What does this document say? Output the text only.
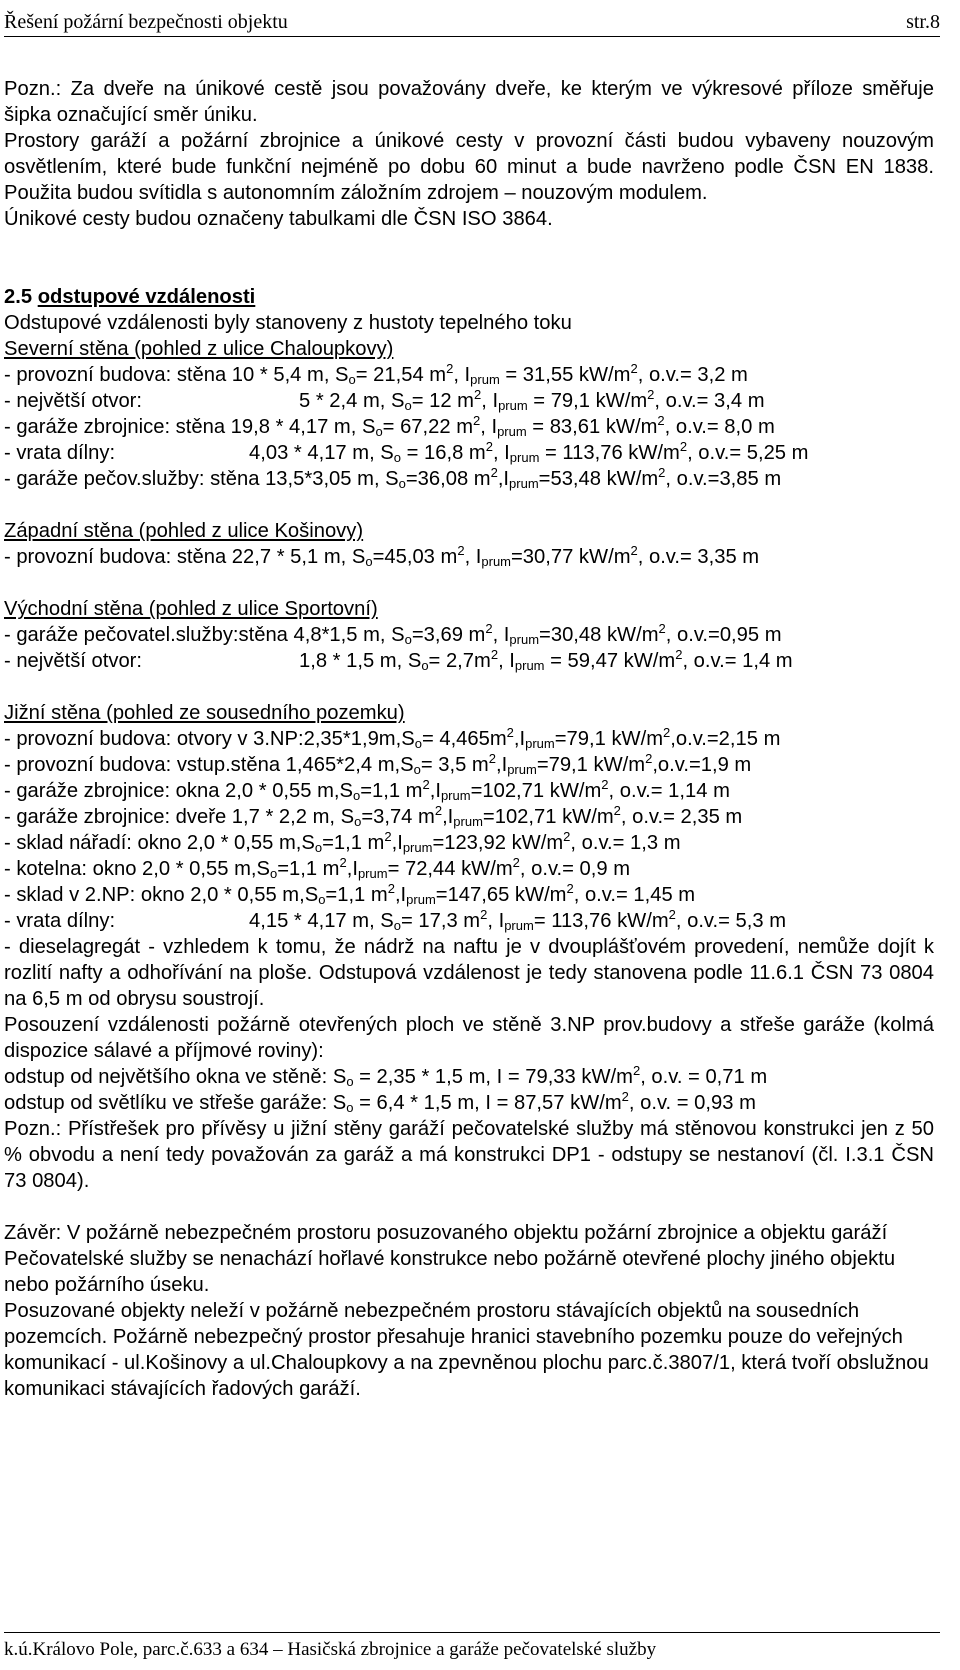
Řešení požární bezpečnosti objektu	str.8

Pozn.: Za dveře na únikové cestě jsou považovány dveře, ke kterým ve výkresové příloze směřuje šipka označující směr úniku.

Prostory garáží a požární zbrojnice a únikové cesty v provozní části budou vybaveny nouzovým osvětlením, které bude funkční nejméně po dobu 60 minut a bude navrženo podle ČSN EN 1838. Použita budou svítidla s autonomním záložním zdrojem – nouzovým modulem.

Únikové cesty budou označeny tabulkami dle ČSN ISO 3864.

2.5 odstupové vzdálenosti

Odstupové vzdálenosti byly stanoveny z hustoty tepelného toku

Severní stěna (pohled z ulice Chaloupkovy)

- provozní budova: stěna 10 * 5,4 m, $S_o= 21,54$ $m^2$, $I_{prum} = 31,55$ $kW/m^2$, o.v.= 3,2 m

- největší otvor:	5 * 2,4 m, $S_o= 12$ $m^2$, $I_{prum} = 79,1$ $kW/m^2$, o.v.= 3,4 m

- garáže zbrojnice: stěna 19,8 * 4,17 m, $S_o= 67,22$ $m^2$, $I_{prum} = 83,61$ $kW/m^2$, o.v.= 8,0 m

- vrata dílny:	4,03 * 4,17 m, $S_o = 16,8$ $m^2$, $I_{prum} = 113,76$ $kW/m^2$, o.v.= 5,25 m

- garáže pečov.služby: stěna 13,5*3,05 m, $S_o=36,08$ $m^2,I_{prum}=53,48$ $kW/m^2$, o.v.=3,85 m

Západní stěna (pohled z ulice Košinovy)

- provozní budova: stěna 22,7 * 5,1 m, $S_o=45,03$ $m^2$, $I_{prum}=30,77$ $kW/m^2$, o.v.= 3,35 m

Východní stěna (pohled z ulice Sportovní)

- garáže pečovatel.služby:stěna 4,8*1,5 m, $S_o=3,69$ $m^2$, $I_{prum}=30,48$ $kW/m^2$, o.v.=0,95 m

- největší otvor:	1,8 * 1,5 m, $S_o= 2,7m^2$, $I_{prum} = 59,47$ $kW/m^2$, o.v.= 1,4 m

Jižní stěna (pohled ze sousedního pozemku)

- provozní budova: otvory v $3.NP:2,35*1,9m,S_o= 4,465m^2,I_{prum}=79,1$ $kW/m^2,o.v.=2,15$ m

- provozní budova: vstup.stěna 1,465*2,4 $m,S_o= 3,5$ $m^2,I_{prum}=79,1$ $kW/m^2,o.v.=1,9$ m

- garáže zbrojnice: okna 2,0 * 0,55 $m,S_o=1,1$ $m^2,I_{prum}=102,71$ $kW/m^2$, o.v.= 1,14 m

- garáže zbrojnice: dveře 1,7 * 2,2 m, $S_o=3,74$ $m^2,I_{prum}=102,71$ $kW/m^2$, o.v.= 2,35 m

- sklad nářadí: okno 2,0 * 0,55 $m,S_o=1,1$ $m^2,I_{prum}=123,92$ $kW/m^2$, o.v.= 1,3 m

- kotelna: okno 2,0 * 0,55 $m,S_o=1,1$ $m^2,I_{prum}= 72,44$ $kW/m^2$, o.v.= 0,9 m

- sklad v 2.NP: okno 2,0 * 0,55 $m,S_o=1,1$ $m^2,I_{prum}=147,65$ $kW/m^2$, o.v.= 1,45 m

- vrata dílny:	4,15 * 4,17 m, $S_o= 17,3$ $m^2$, $I_{prum}= 113,76$ $kW/m^2$, o.v.= 5,3 m

- dieselagregát - vzhledem k tomu, že nádrž na naftu je v dvouplášťovém provedení, nemůže dojít k rozlití nafty a odhořívání na ploše. Odstupová vzdálenost je tedy stanovena podle 11.6.1 ČSN 73 0804 na 6,5 m od obrysu soustrojí.

Posouzení vzdálenosti požárně otevřených ploch ve stěně 3.NP prov.budovy a střeše garáže (kolmá dispozice sálavé a příjmové roviny):

odstup od největšího okna ve stěně: $S_o = 2,35 * 1,5$ m, I = 79,33 $kW/m^2$, o.v. = 0,71 m

odstup od světlíku ve střeše garáže: $S_o = 6,4 * 1,5$ m, I = 87,57 $kW/m^2$, o.v. = 0,93 m

Pozn.: Přístřešek pro přívěsy u jižní stěny garáží pečovatelské služby má stěnovou konstrukci jen z 50 % obvodu a není tedy považován za garáž a má konstrukci DP1 - odstupy se nestanoví (čl. I.3.1 ČSN 73 0804).

Závěr: V požárně nebezpečném prostoru posuzovaného objektu požární zbrojnice a objektu garáží Pečovatelské služby se nenachází hořlavé konstrukce nebo požárně otevřené plochy jiného objektu nebo požárního úseku.

Posuzované objekty neleží v požárně nebezpečném prostoru stávajících objektů na sousedních pozemcích. Požárně nebezpečný prostor přesahuje hranici stavebního pozemku pouze do veřejných komunikací - ul.Košinovy a ul.Chaloupkovy a na zpevněnou plochu parc.č.3807/1, která tvoří obslužnou komunikaci stávajících řadových garáží.

k.ú.Královo Pole, parc.č.633 a 634 – Hasičská zbrojnice a garáže pečovatelské služby
